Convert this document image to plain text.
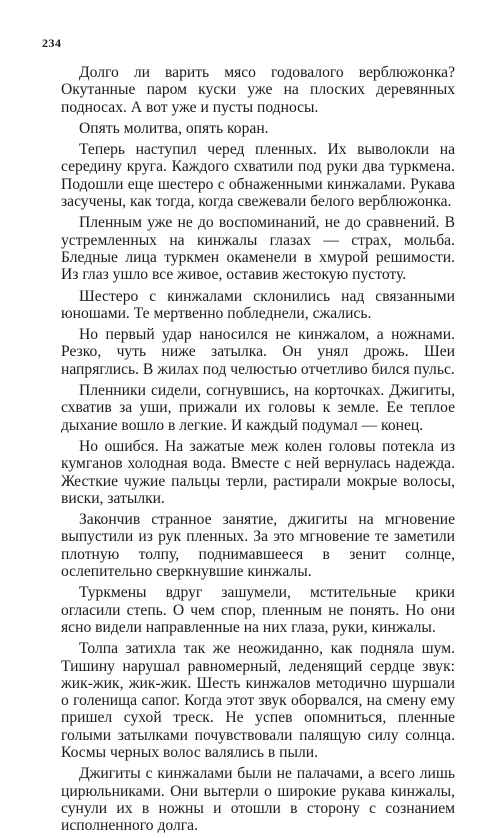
234

Долго ли варить мясо годовалого верблюжонка? Окутанные паром куски уже на плоских деревянных подносах. А вот уже и пусты подносы.

Опять молитва, опять коран.

Теперь наступил черед пленных. Их выволокли на середину круга. Каждого схватили под руки два туркмена. Подошли еще шестеро с обнаженными кинжалами. Рукава засучены, как тогда, когда свежевали белого верблюжонка.

Пленным уже не до воспоминаний, не до сравнений. В устремленных на кинжалы глазах — страх, мольба. Бледные лица туркмен окаменели в хмурой решимости. Из глаз ушло все живое, оставив жестокую пустоту.

Шестеро с кинжалами склонились над связанными юношами. Те мертвенно побледнели, сжались.

Но первый удар наносился не кинжалом, а ножнами. Резко, чуть ниже затылка. Он унял дрожь. Шеи напряглись. В жилах под челюстью отчетливо бился пульс.

Пленники сидели, согнувшись, на корточках. Джигиты, схватив за уши, прижали их головы к земле. Ее теплое дыхание вошло в легкие. И каждый подумал — конец.

Но ошибся. На зажатые меж колен головы потекла из кумганов холодная вода. Вместе с ней вернулась надежда. Жесткие чужие пальцы терли, растирали мокрые волосы, виски, затылки.

Закончив странное занятие, джигиты на мгновение выпустили из рук пленных. За это мгновение те заметили плотную толпу, поднимавшееся в зенит солнце, ослепительно сверкнувшие кинжалы.

Туркмены вдруг зашумели, мстительные крики огласили степь. О чем спор, пленным не понять. Но они ясно видели направленные на них глаза, руки, кинжалы.

Толпа затихла так же неожиданно, как подняла шум. Тишину нарушал равномерный, леденящий сердце звук: жик-жик, жик-жик. Шесть кинжалов методично шуршали о голенища сапог. Когда этот звук оборвался, на смену ему пришел сухой треск. Не успев опомниться, пленные голыми затылками почувствовали палящую силу солнца. Космы черных волос валялись в пыли.

Джигиты с кинжалами были не палачами, а всего лишь цирюльниками. Они вытерли о широкие рукава кинжалы, сунули их в ножны и отошли в сторону с сознанием исполненного долга.
